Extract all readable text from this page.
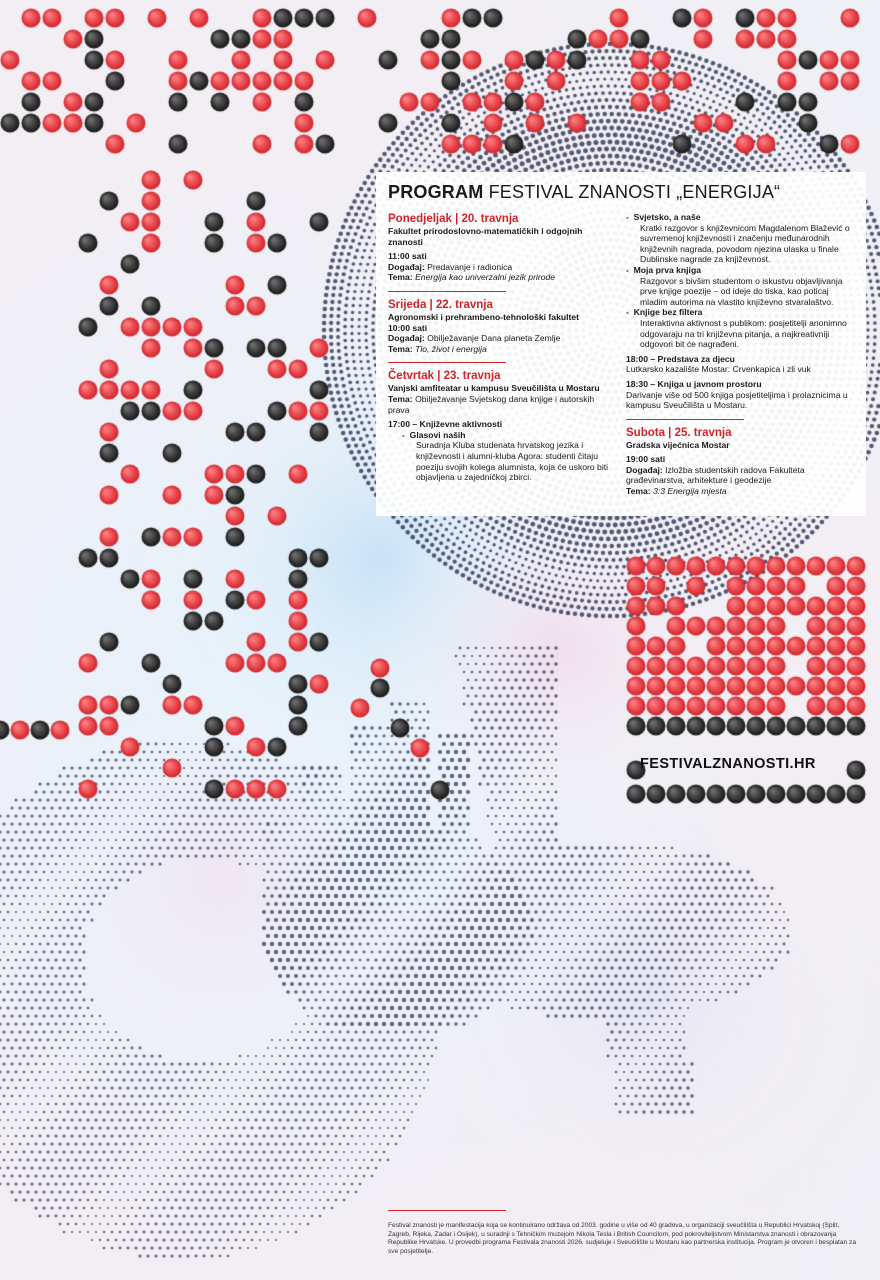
PROGRAM FESTIVAL ZNANOSTI „ENERGIJA“
Ponedjeljak | 20. travnja
Fakultet prirodoslovno-matematičkih i odgojnih znanosti
11:00 sati
Događaj: Predavanje i radionica
Tema: Energija kao univerzalni jezik prirode
Srijeda | 22. travnja
Agronomski i prehrambeno-tehnološki fakultet
10:00 sati
Događaj: Obilježavanje Dana planeta Zemlje
Tema: Tlo, život i energija
Četvrtak | 23. travnja
Vanjski amfiteatar u kampusu Sveučilišta u Mostaru
Tema: Obilježavanje Svjetskog dana knjige i autorskih prava
17:00 – Književne aktivnosti
-  Glasovi naših
Suradnja Kluba studenata hrvatskog jezika i književnosti i alumni-kluba Agora: studenti čitaju poeziju svojih kolega alumnista, koja će uskoro biti objavljena u zajedničkoj zbirci.
-  Svjetsko, a naše
Kratki razgovor s književnicom Magdalenom Blažević o suvremenoj književnosti i značenju međunarodnih književnih nagrada, povodom njezina ulaska u finale Dublinske nagrade za književnost.
-  Moja prva knjiga
Razgovor s bivšim studentom o iskustvu objavljivanja prve knjige poezije – od ideje do tiska, kao poticaj mladim autorima na vlastito književno stvaralaštvo.
-  Knjige bez filtera
Interaktivna aktivnost s publikom: posjetitelji anonimno odgovaraju na tri književna pitanja, a najkreativniji odgovori bit će nagrađeni.
18:00 – Predstava za djecu
Lutkarsko kazalište Mostar: Crvenkapica i zli vuk
18:30 – Knjiga u javnom prostoru
Darivanje više od 500 knjiga posjetiteljima i prolaznicima u kampusu Sveučilišta u Mostaru.
Subota | 25. travnja
Gradska vijećnica Mostar
19:00 sati
Događaj: Izložba studentskih radova Fakulteta građevinarstva, arhitekture i geodezije
Tema: 3:3 Energija mjesta
FESTIVALZNANOSTI.HR
Festival znanosti je manifestacija koja se kontinuirano održava od 2003. godine u više od 40 gradova, u organizaciji sveučilišta u Republici Hrvatskoj (Split, Zagreb, Rijeka, Zadar i Osijek), u suradnji s Tehničkim muzejom Nikola Tesla i British Councilom, pod pokroviteljstvom Ministarstva znanosti i obrazovanja Republike Hrvatske. U provedbi programa Festivala znanosti 2026. sudjeluje i Sveučilište u Mostaru kao partnerska institucija. Program je otvoren i besplatan za sve posjetitelje.
